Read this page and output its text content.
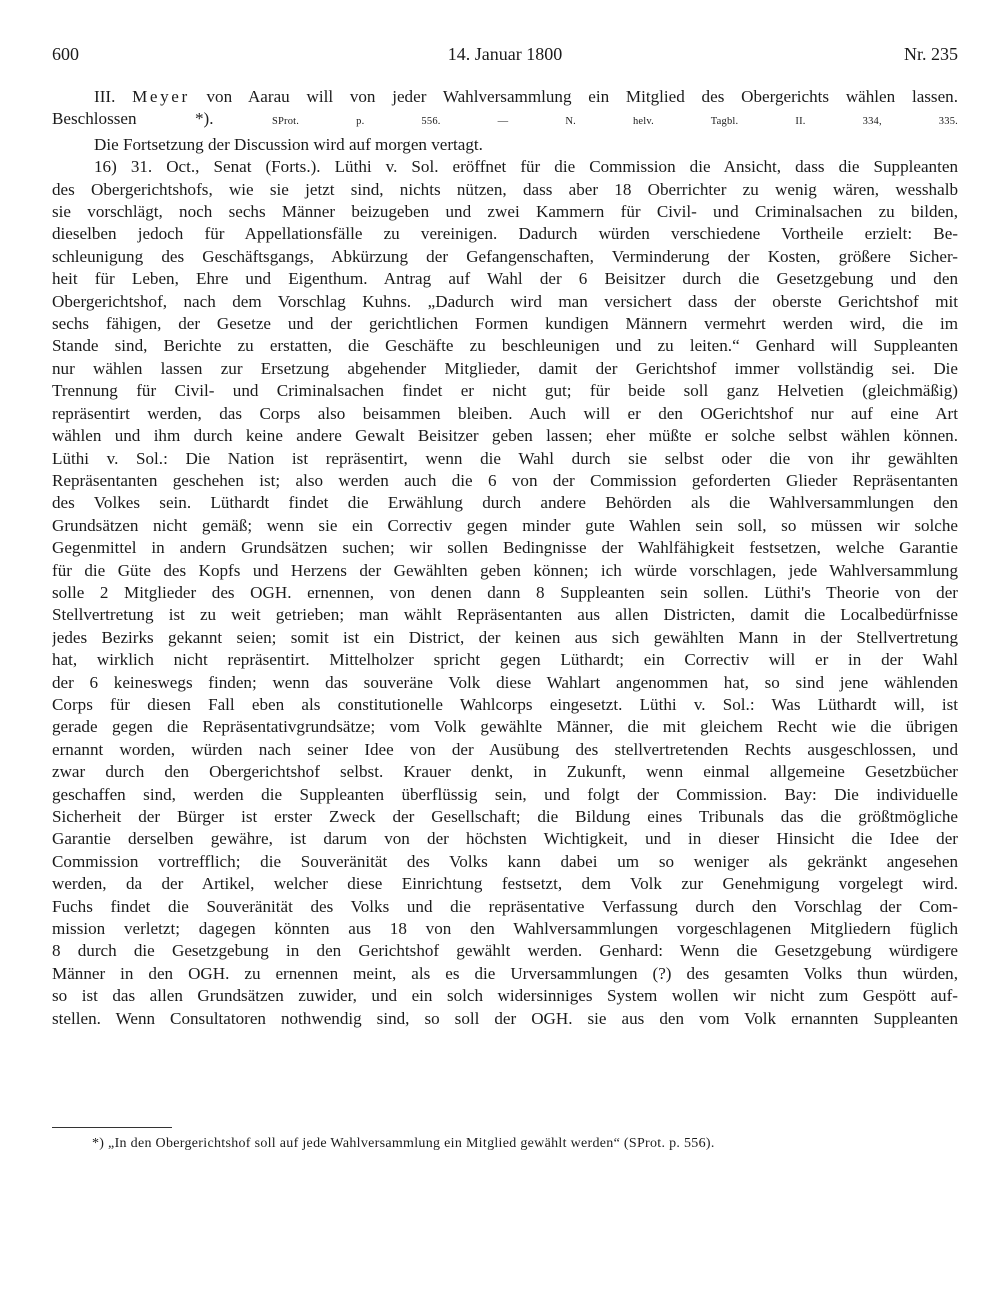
600	14. Januar 1800	Nr. 235
III. Meyer von Aarau will von jeder Wahlversammlung ein Mitglied des Obergerichts wählen lassen.
Beschlossen *).	SProt. p. 556. — N. helv. Tagbl. II. 334, 335.
Die Fortsetzung der Discussion wird auf morgen vertagt.
16) 31. Oct., Senat (Forts.). Lüthi v. Sol. eröffnet für die Commission die Ansicht, dass die Suppleanten
des Obergerichtshofs, wie sie jetzt sind, nichts nützen, dass aber 18 Oberrichter zu wenig wären, wesshalb
sie vorschlägt, noch sechs Männer beizugeben und zwei Kammern für Civil- und Criminalsachen zu bilden,
dieselben jedoch für Appellationsfälle zu vereinigen. Dadurch würden verschiedene Vortheile erzielt: Be-
schleunigung des Geschäftsgangs, Abkürzung der Gefangenschaften, Verminderung der Kosten, größere Sicher-
heit für Leben, Ehre und Eigenthum. Antrag auf Wahl der 6 Beisitzer durch die Gesetzgebung und den
Obergerichtshof, nach dem Vorschlag Kuhns. „Dadurch wird man versichert dass der oberste Gerichtshof mit
sechs fähigen, der Gesetze und der gerichtlichen Formen kundigen Männern vermehrt werden wird, die im
Stande sind, Berichte zu erstatten, die Geschäfte zu beschleunigen und zu leiten.“ Genhard will Suppleanten
nur wählen lassen zur Ersetzung abgehender Mitglieder, damit der Gerichtshof immer vollständig sei. Die
Trennung für Civil- und Criminalsachen findet er nicht gut; für beide soll ganz Helvetien (gleichmäßig)
repräsentirt werden, das Corps also beisammen bleiben. Auch will er den OGerichtshof nur auf eine Art
wählen und ihm durch keine andere Gewalt Beisitzer geben lassen; eher müßte er solche selbst wählen können.
Lüthi v. Sol.: Die Nation ist repräsentirt, wenn die Wahl durch sie selbst oder die von ihr gewählten
Repräsentanten geschehen ist; also werden auch die 6 von der Commission geforderten Glieder Repräsentanten
des Volkes sein. Lüthardt findet die Erwählung durch andere Behörden als die Wahlversammlungen den
Grundsätzen nicht gemäß; wenn sie ein Correctiv gegen minder gute Wahlen sein soll, so müssen wir solche
Gegenmittel in andern Grundsätzen suchen; wir sollen Bedingnisse der Wahlfähigkeit festsetzen, welche Garantie
für die Güte des Kopfs und Herzens der Gewählten geben können; ich würde vorschlagen, jede Wahlversammlung
solle 2 Mitglieder des OGH. ernennen, von denen dann 8 Suppleanten sein sollen. Lüthi's Theorie von der
Stellvertretung ist zu weit getrieben; man wählt Repräsentanten aus allen Districten, damit die Localbedürfnisse
jedes Bezirks gekannt seien; somit ist ein District, der keinen aus sich gewählten Mann in der Stellvertretung
hat, wirklich nicht repräsentirt. Mittelholzer spricht gegen Lüthardt; ein Correctiv will er in der Wahl
der 6 keineswegs finden; wenn das souveräne Volk diese Wahlart angenommen hat, so sind jene wählenden
Corps für diesen Fall eben als constitutionelle Wahlcorps eingesetzt. Lüthi v. Sol.: Was Lüthardt will, ist
gerade gegen die Repräsentativgrundsätze; vom Volk gewählte Männer, die mit gleichem Recht wie die übrigen
ernannt worden, würden nach seiner Idee von der Ausübung des stellvertretenden Rechts ausgeschlossen, und
zwar durch den Obergerichtshof selbst. Krauer denkt, in Zukunft, wenn einmal allgemeine Gesetzbücher
geschaffen sind, werden die Suppleanten überflüssig sein, und folgt der Commission. Bay: Die individuelle
Sicherheit der Bürger ist erster Zweck der Gesellschaft; die Bildung eines Tribunals das die größtmögliche
Garantie derselben gewähre, ist darum von der höchsten Wichtigkeit, und in dieser Hinsicht die Idee der
Commission vortrefflich; die Souveränität des Volks kann dabei um so weniger als gekränkt angesehen
werden, da der Artikel, welcher diese Einrichtung festsetzt, dem Volk zur Genehmigung vorgelegt wird.
Fuchs findet die Souveränität des Volks und die repräsentative Verfassung durch den Vorschlag der Com-
mission verletzt; dagegen könnten aus 18 von den Wahlversammlungen vorgeschlagenen Mitgliedern füglich
8 durch die Gesetzgebung in den Gerichtshof gewählt werden. Genhard: Wenn die Gesetzgebung würdigere
Männer in den OGH. zu ernennen meint, als es die Urversammlungen (?) des gesamten Volks thun würden,
so ist das allen Grundsätzen zuwider, und ein solch widersinniges System wollen wir nicht zum Gespött auf-
stellen. Wenn Consultatoren nothwendig sind, so soll der OGH. sie aus den vom Volk ernannten Suppleanten
*) „In den Obergerichtshof soll auf jede Wahlversammlung ein Mitglied gewählt werden“ (SProt. p. 556).
